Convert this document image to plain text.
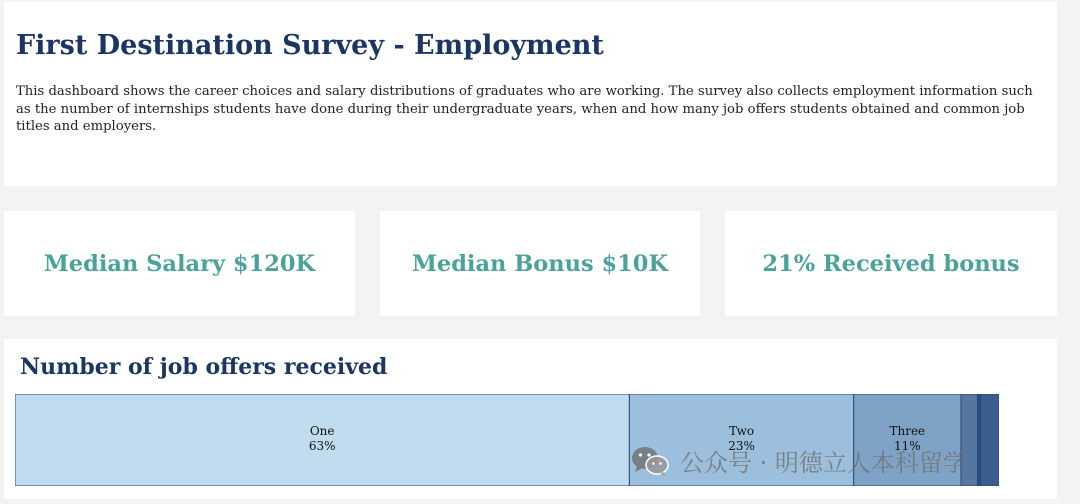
First Destination Survey - Employment

This dashboard shows the career choices and salary distributions of graduates who are working. The survey also collects employment information such as the number of internships students have done during their undergraduate years, when and how many job offers students obtained and common job titles and employers.

Median Salary $120K	Median Bonus $10K	21% Received bonus
Number of job offers received
One
63%
Two
23%
Three
11%
公众号 · 明德立人本科留学
